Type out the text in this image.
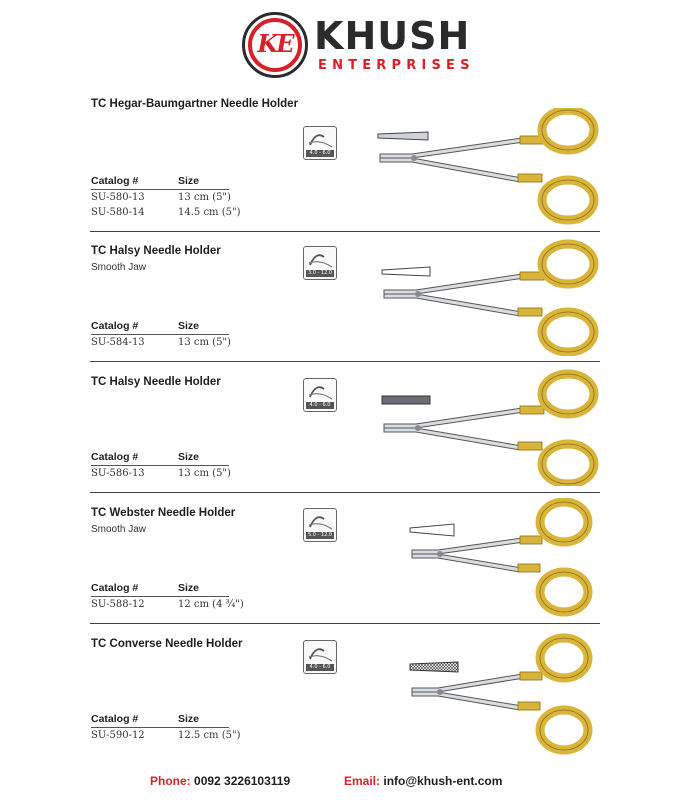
KE KHUSH
ENTERPRISES
TC Hegar-Baumgartner Needle Holder
4.0 - 6.0
Catalog #	Size
SU-580-13	13 cm (5")
SU-580-14	14.5 cm (5")
TC Halsy Needle Holder
Smooth Jaw	3.0 - 12.0
Catalog #	Size
SU-584-13	13 cm (5")
TC Halsy Needle Holder
4.0 - 6.0
Catalog #	Size
SU-586-13	13 cm (5")
TC Webster Needle Holder
Smooth Jaw	5.0 - 12.0
Catalog #	Size
SU-588-12	12 cm (4 ¾")
TC Converse Needle Holder
4.0 - 6.0
Catalog #	Size
SU-590-12	12.5 cm (5")
Phone: 0092 3226103119	Email: info@khush-ent.com
